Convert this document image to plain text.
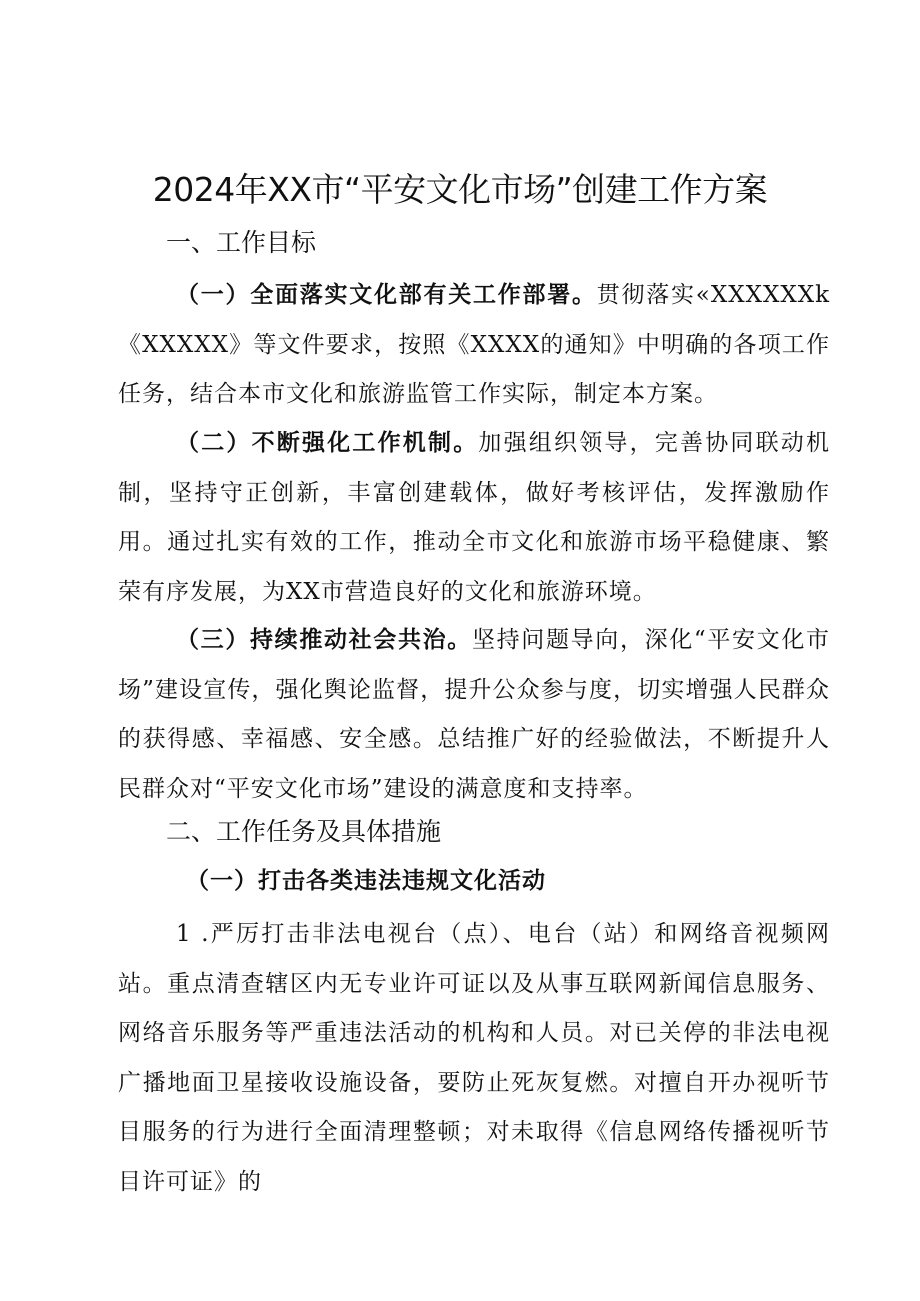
2024年XX市“平安文化市场”创建工作方案
一、工作目标

（一）全面落实文化部有关工作部署。贯彻落实«XXXXXXk《XXXXX》等文件要求，按照《XXXX的通知》中明确的各项工作任务，结合本市文化和旅游监管工作实际，制定本方案。

（二）不断强化工作机制。加强组织领导，完善协同联动机制，坚持守正创新，丰富创建载体，做好考核评估，发挥激励作用。通过扎实有效的工作，推动全市文化和旅游市场平稳健康、繁荣有序发展，为XX市营造良好的文化和旅游环境。

（三）持续推动社会共治。坚持问题导向，深化“平安文化市场”建设宣传，强化舆论监督，提升公众参与度，切实增强人民群众的获得感、幸福感、安全感。总结推广好的经验做法，不断提升人民群众对“平安文化市场”建设的满意度和支持率。

二、工作任务及具体措施
（一）打击各类违法违规文化活动

1 .严厉打击非法电视台（点）、电台（站）和网络音视频网站。重点清查辖区内无专业许可证以及从事互联网新闻信息服务、网络音乐服务等严重违法活动的机构和人员。对已关停的非法电视广播地面卫星接收设施设备，要防止死灰复燃。对擅自开办视听节目服务的行为进行全面清理整顿；对未取得《信息网络传播视听节目许可证》的
